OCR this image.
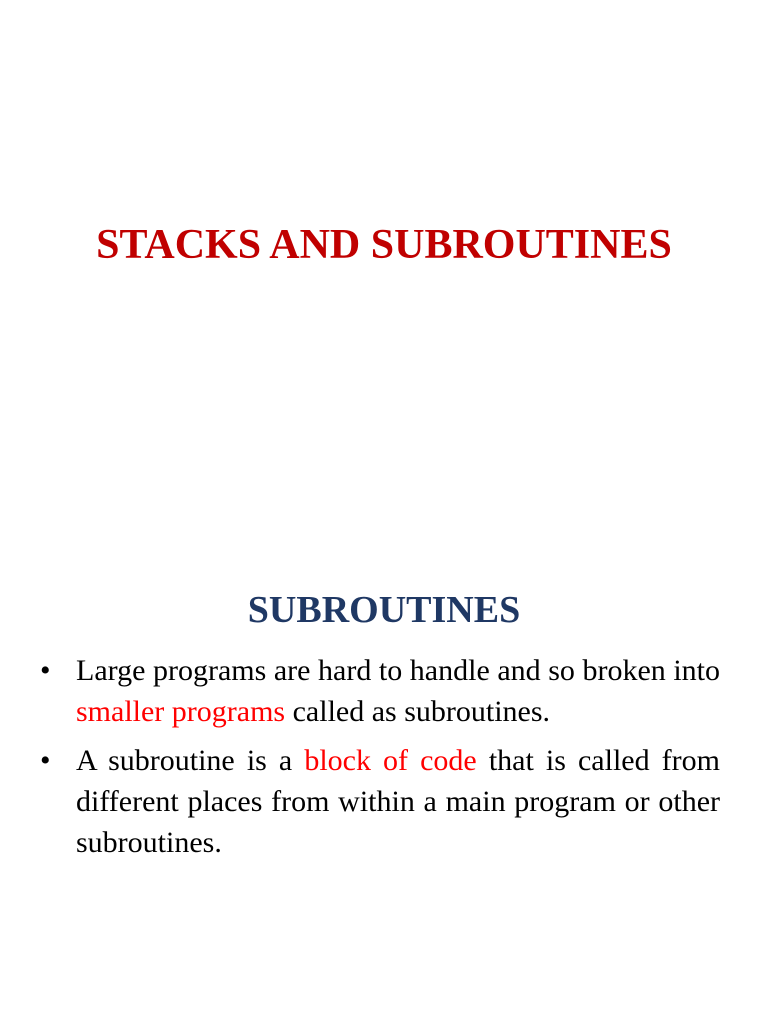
STACKS AND SUBROUTINES
SUBROUTINES
• Large programs are hard to handle and so broken into smaller programs called as subroutines.
• A subroutine is a block of code that is called from different places from within a main program or other subroutines.
